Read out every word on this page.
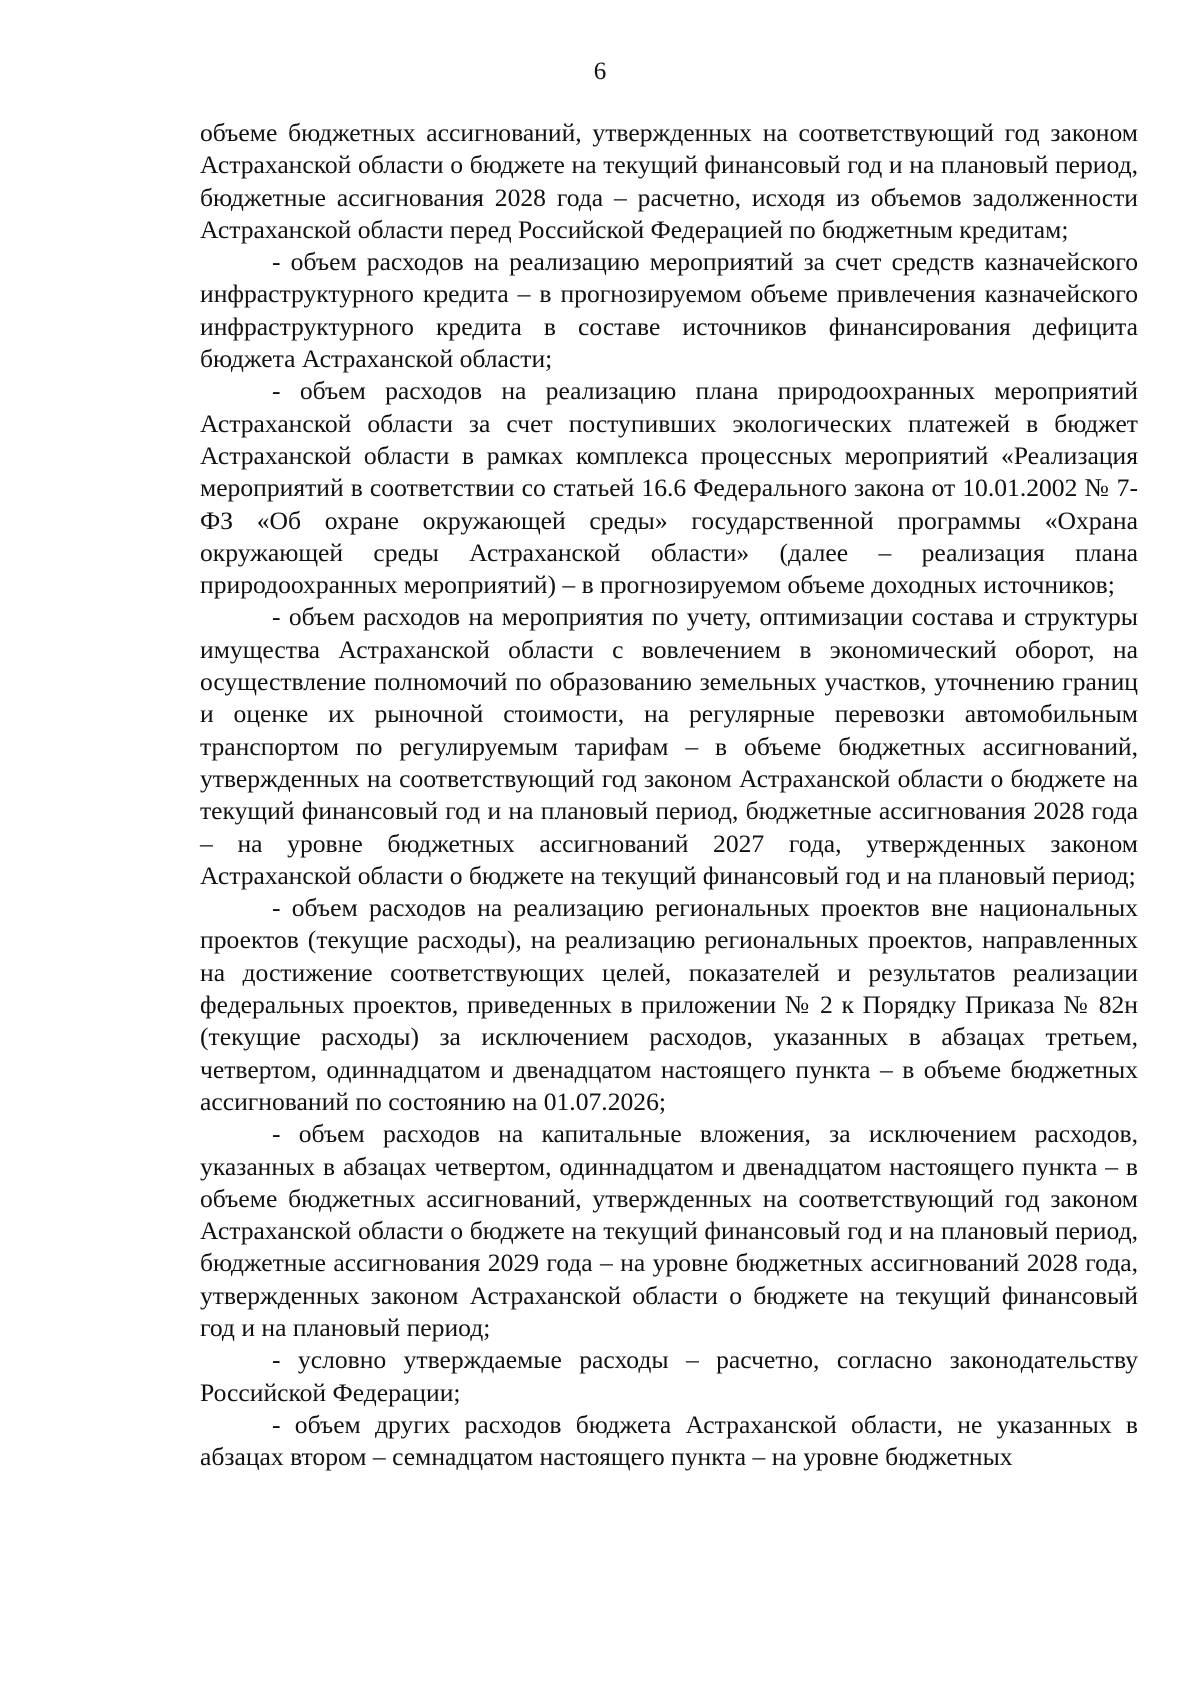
6

объеме бюджетных ассигнований, утвержденных на соответствующий год законом Астраханской области о бюджете на текущий финансовый год и на плановый период, бюджетные ассигнования 2028 года – расчетно, исходя из объемов задолженности Астраханской области перед Российской Федерацией по бюджетным кредитам;

- объем расходов на реализацию мероприятий за счет средств казначейского инфраструктурного кредита – в прогнозируемом объеме привлечения казначейского инфраструктурного кредита в составе источников финансирования дефицита бюджета Астраханской области;

- объем расходов на реализацию плана природоохранных мероприятий Астраханской области за счет поступивших экологических платежей в бюджет Астраханской области в рамках комплекса процессных мероприятий «Реализация мероприятий в соответствии со статьей 16.6 Федерального закона от 10.01.2002 № 7-ФЗ «Об охране окружающей среды» государственной программы «Охрана окружающей среды Астраханской области» (далее – реализация плана природоохранных мероприятий) – в прогнозируемом объеме доходных источников;

- объем расходов на мероприятия по учету, оптимизации состава и структуры имущества Астраханской области с вовлечением в экономический оборот, на осуществление полномочий по образованию земельных участков, уточнению границ и оценке их рыночной стоимости, на регулярные перевозки автомобильным транспортом по регулируемым тарифам – в объеме бюджетных ассигнований, утвержденных на соответствующий год законом Астраханской области о бюджете на текущий финансовый год и на плановый период, бюджетные ассигнования 2028 года – на уровне бюджетных ассигнований 2027 года, утвержденных законом Астраханской области о бюджете на текущий финансовый год и на плановый период;

- объем расходов на реализацию региональных проектов вне национальных проектов (текущие расходы), на реализацию региональных проектов, направленных на достижение соответствующих целей, показателей и результатов реализации федеральных проектов, приведенных в приложении № 2 к Порядку Приказа № 82н (текущие расходы) за исключением расходов, указанных в абзацах третьем, четвертом, одиннадцатом и двенадцатом настоящего пункта – в объеме бюджетных ассигнований по состоянию на 01.07.2026;

- объем расходов на капитальные вложения, за исключением расходов, указанных в абзацах четвертом, одиннадцатом и двенадцатом настоящего пункта – в объеме бюджетных ассигнований, утвержденных на соответствующий год законом Астраханской области о бюджете на текущий финансовый год и на плановый период, бюджетные ассигнования 2029 года – на уровне бюджетных ассигнований 2028 года, утвержденных законом Астраханской области о бюджете на текущий финансовый год и на плановый период;

- условно утверждаемые расходы – расчетно, согласно законодательству Российской Федерации;

- объем других расходов бюджета Астраханской области, не указанных в абзацах втором – семнадцатом настоящего пункта – на уровне бюджетных
